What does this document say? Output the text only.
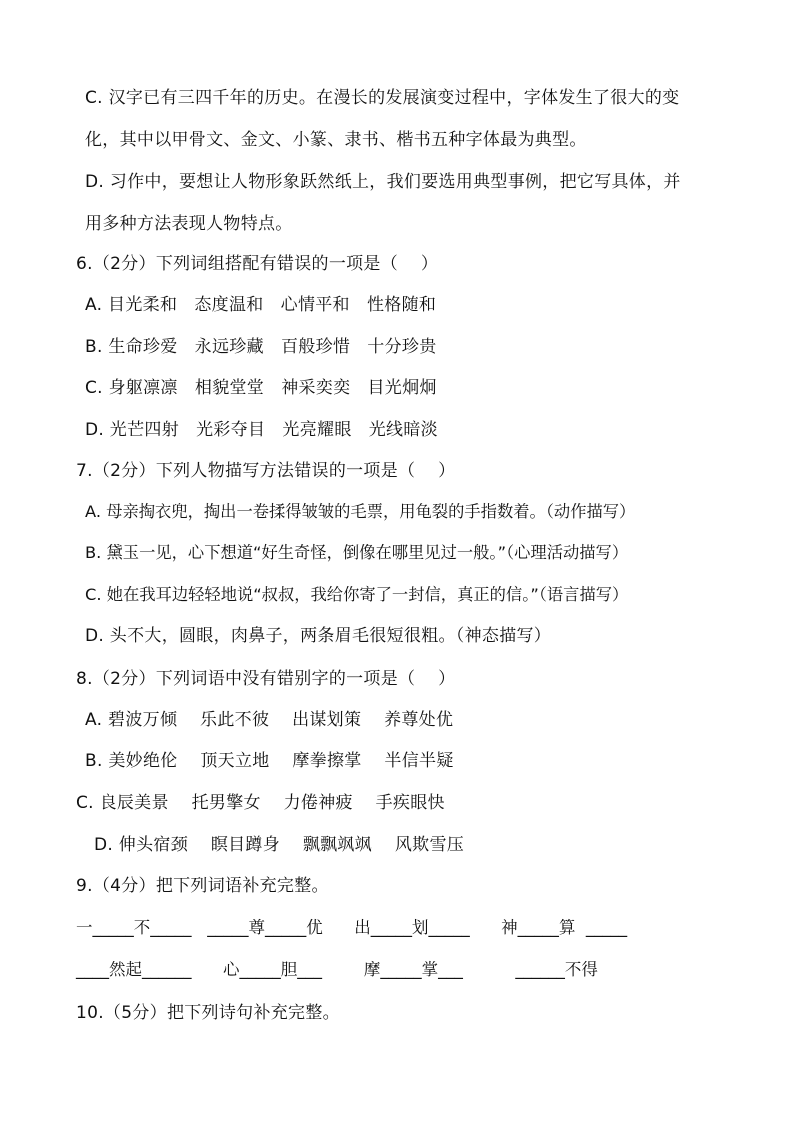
C. 汉字已有三四千年的历史。在漫长的发展演变过程中，字体发生了很大的变
化，其中以甲骨文、金文、小篆、隶书、楷书五种字体最为典型。
D. 习作中，要想让人物形象跃然纸上，我们要选用典型事例，把它写具体，并
用多种方法表现人物特点。
6.（2分）下列词组搭配有错误的一项是（    ）
A. 目光柔和   态度温和   心情平和   性格随和
B. 生命珍爱   永远珍藏   百般珍惜   十分珍贵
C. 身躯凛凛   相貌堂堂   神采奕奕   目光炯炯
D. 光芒四射   光彩夺目   光亮耀眼   光线暗淡
7.（2分）下列人物描写方法错误的一项是（    ）
A. 母亲掏衣兜，掏出一卷揉得皱皱的毛票，用龟裂的手指数着。（动作描写）
B. 黛玉一见，心下想道“好生奇怪，倒像在哪里见过一般。”（心理活动描写）
C. 她在我耳边轻轻地说“叔叔，我给你寄了一封信，真正的信。”（语言描写）
D. 头不大，圆眼，肉鼻子，两条眉毛很短很粗。（神态描写）
8.（2分）下列词语中没有错别字的一项是（    ）
A. 碧波万倾    乐此不彼    出谋划策    养尊处优
B. 美妙绝伦    顶天立地    摩拳擦掌    半信半疑
C. 良辰美景    托男擎女    力倦神疲    手疾眼快
D. 伸头宿颈    瞑目蹲身    飘飘飒飒    风欺雪压
9.（4分）把下列词语补充完整。
一_____不_____   _____尊_____优      出_____划_____      神_____算  _____
____然起______      心_____胆___        摩_____掌___          ______不得
10.（5分）把下列诗句补充完整。
